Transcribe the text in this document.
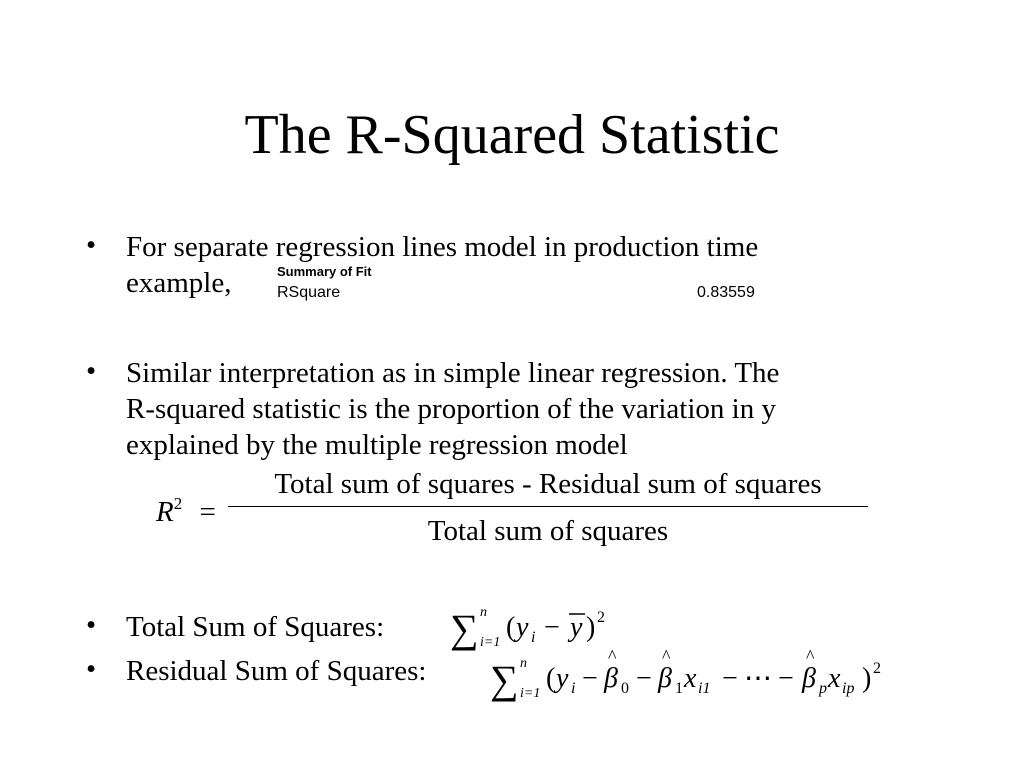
The R-Squared Statistic
• For separate regression lines model in production time
example,	Summary of Fit
RSquare	0.83559
• Similar interpretation as in simple linear regression. The
R-squared statistic is the proportion of the variation in y
explained by the multiple regression model
$R^2$ =
Total sum of squares - Residual sum of squares
Total sum of squares
• Total Sum of Squares: ∑ n
i=1 ( y i − y ) 2
• Residual Sum of Squares: ∑ n
i=1 ( y i − β
^
0 − β
^
1 x i1 − ⋯ − β
^
p x ip ) 2
